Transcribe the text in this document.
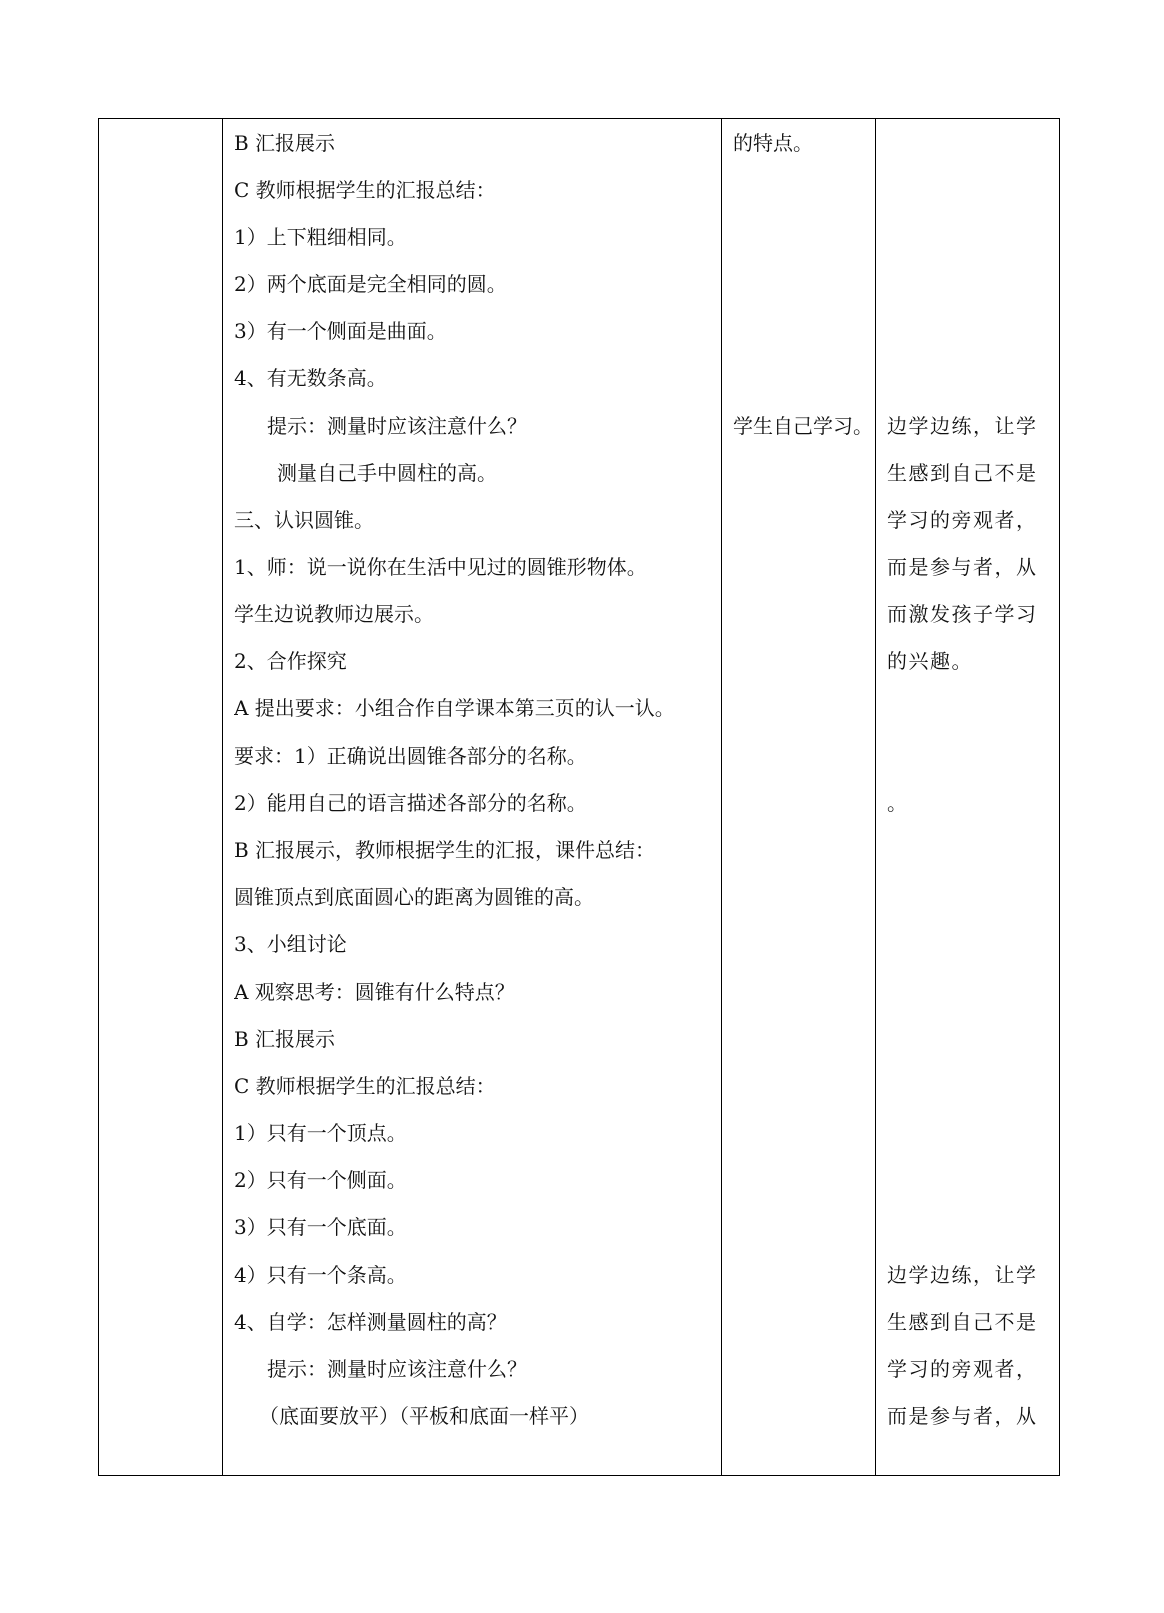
B 汇报展示
C 教师根据学生的汇报总结：
1）上下粗细相同。
2）两个底面是完全相同的圆。
3）有一个侧面是曲面。
4、有无数条高。
提示：测量时应该注意什么？
测量自己手中圆柱的高。
三、认识圆锥。
1、师：说一说你在生活中见过的圆锥形物体。
学生边说教师边展示。
2、合作探究
A 提出要求：小组合作自学课本第三页的认一认。
要求：1）正确说出圆锥各部分的名称。
2）能用自己的语言描述各部分的名称。
B 汇报展示，教师根据学生的汇报，课件总结：
圆锥顶点到底面圆心的距离为圆锥的高。
3、小组讨论
A 观察思考：圆锥有什么特点？
B 汇报展示
C 教师根据学生的汇报总结：
1）只有一个顶点。
2）只有一个侧面。
3）只有一个底面。
4）只有一个条高。
4、自学：怎样测量圆柱的高？
提示：测量时应该注意什么？
（底面要放平）（平板和底面一样平）
的特点。
学生自己学习。 边学边练，让学
生感到自己不是
学习的旁观者，
而是参与者，从
而激发孩子学习
的兴趣。
。
边学边练，让学
生感到自己不是
学习的旁观者，
而是参与者，从
